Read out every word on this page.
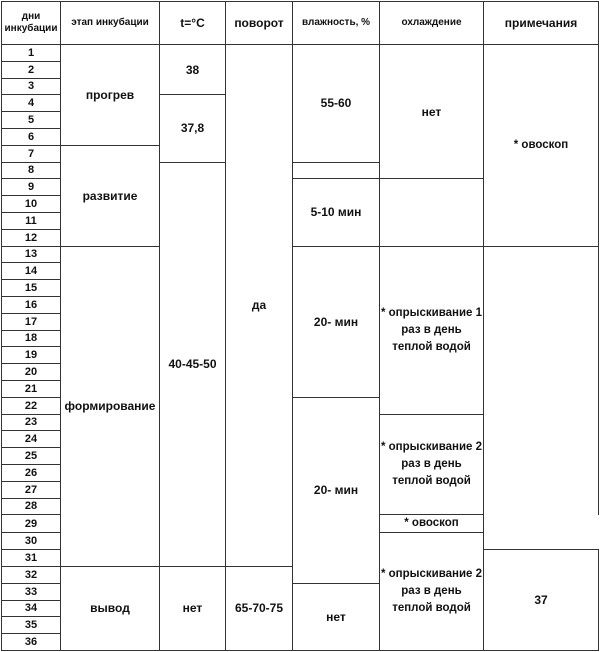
дни инкубации	этап инкубации	t=°C	поворот	влажность, %	охлаждение	примечания	
1	прогрев	38	да	55-60	нет	* овоскоп	
2							
3							
4		37,8					
5							
6							
7	развитие	
8		40-45-50					
9				5-10 мин			
10							
11							
12							
13	формирование			20- мин	* опрыскивание 1 раз в день теплой водой		
14							
15							
16							
17							
18							
19							
20							
21							
22				20- мин			
23					* опрыскивание 2 раз в день теплой водой		
24							
25							
26							
27							
28							
29					* овоскоп		
30					* опрыскивание 2 раз в день теплой водой		
31						37	
32	вывод	нет	65-70-75				
33				нет			
34							
35							
36							
